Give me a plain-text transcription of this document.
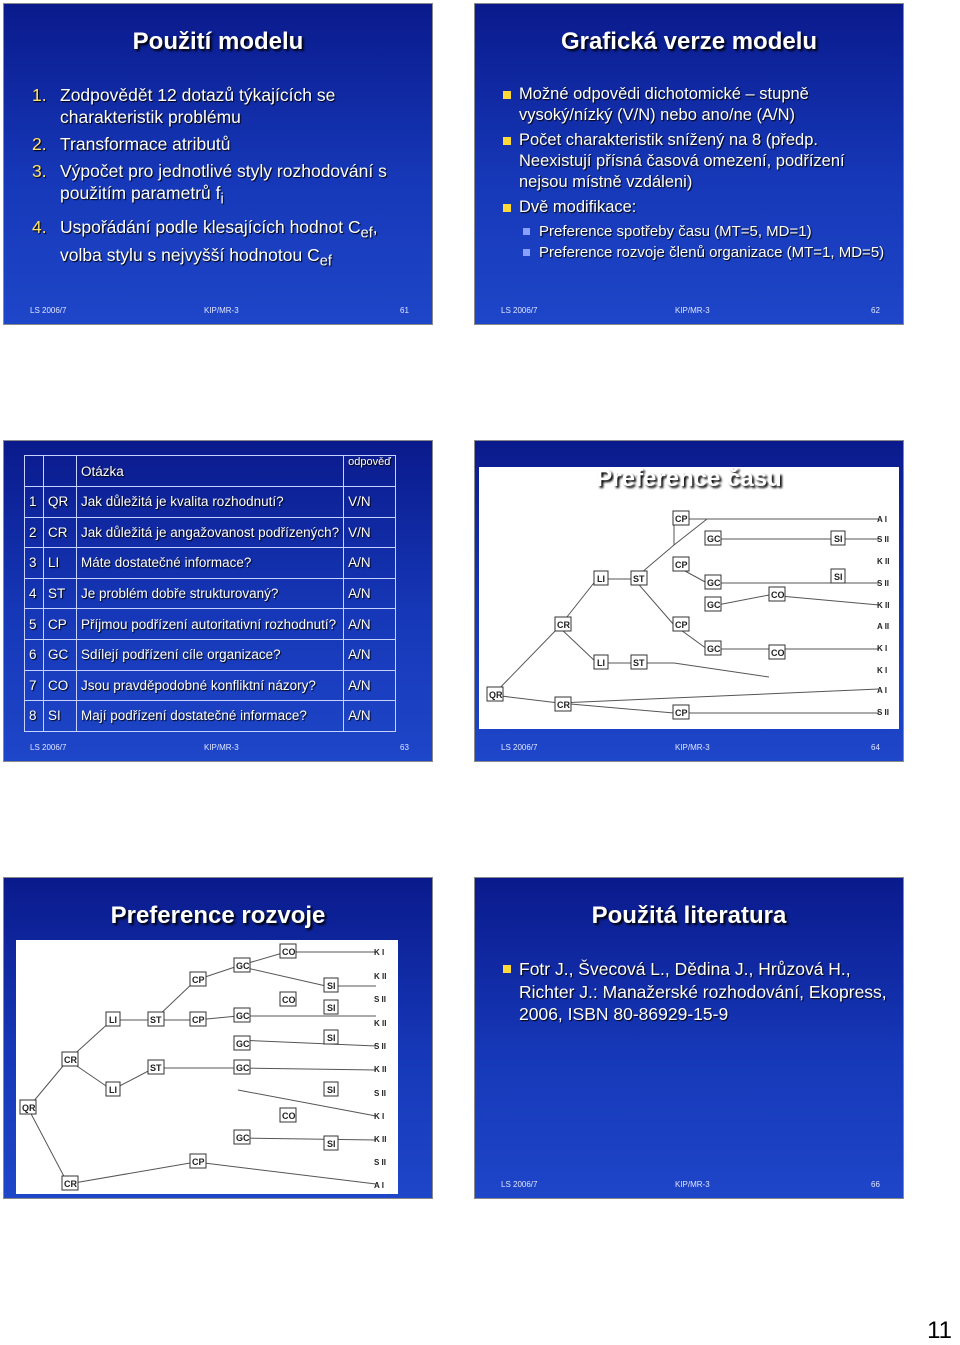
Použití modelu
1. Zodpovědět 12 dotazů týkajících se charakteristik problému
2. Transformace atributů
3. Výpočet pro jednotlivé styly rozhodování s použitím parametrů $f_i$
4. Uspořádání podle klesajících hodnot $C_{ef}$, volba stylu s nejvyšší hodnotou $C_{ef}$
LS 2006/7	KIP/MR-3	61
Grafická verze modelu
Možné odpovědi dichotomické – stupně vysoký/nízký (V/N) nebo ano/ne (A/N)
Počet charakteristik snížený na 8 (předp. Neexistují přísná časová omezení, podřízení nejsou místně vzdáleni)
Dvě modifikace:
Preference spotřeby času (MT=5, MD=1)
Preference rozvoje členů organizace (MT=1, MD=5)
LS 2006/7	KIP/MR-3	62
		Otázka	odpověď
1	QR	Jak důležitá je kvalita rozhodnutí?	V/N
2	CR	Jak důležitá je angažovanost podřízených?	V/N
3	LI	Máte dostatečné informace?	A/N
4	ST	Je problém dobře strukturovaný?	A/N
5	CP	Příjmou podřízení autoritativní rozhodnutí?	A/N
6	GC	Sdílejí podřízení cíle organizace?	A/N
7	CO	Jsou pravděpodobné konfliktní názory?	A/N
8	SI	Mají podřízení dostatečné informace?	A/N
LS 2006/7	KIP/MR-3	63
QR
CR
CR
LI
LI
ST
ST
CP
CP
CP
CP
GC
GC
GC
GC
CO
CO
SI
SI
A I
S II
K II
S II
K II
A II
K I
K I
A I
S II
Preference času
LS 2006/7	KIP/MR-3	64
QR
CR
CR
LI
LI
ST
ST
CP
CP
CP
GC
GC
GC
GC
GC
CO
CO
CO
SI
SI
SI
SI
SI
K I
K II
S II
K II
S II
K II
S II
K I
K II
S II
A I
Preference rozvoje	Použitá literatura
Fotr J., Švecová L., Dědina J., Hrůzová H., Richter J.: Manažerské rozhodování, Ekopress, 2006, ISBN 80-86929-15-9
LS 2006/7	KIP/MR-3	66
11
